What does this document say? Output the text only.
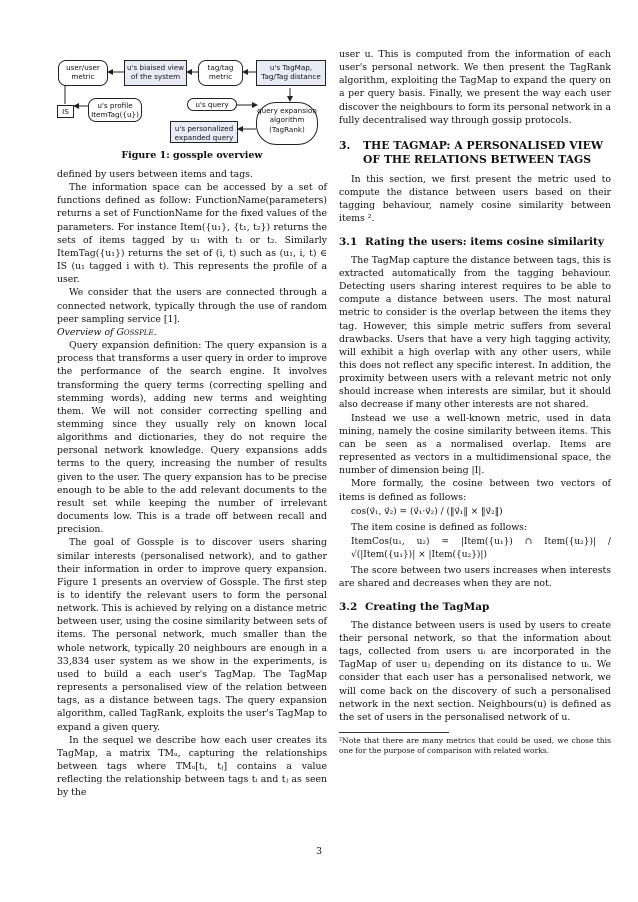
user/user metric
u's biaised view of the system
tag/tag metric
u's TagMap, Tag/Tag distance
IS
u's profile ItemTag({u})
u's query
query expansion algorithm (TagRank)
u's personalized expanded query
Figure 1: gossple overview

defined by users between items and tags.

The information space can be accessed by a set of functions defined as follow: FunctionName(parameters) returns a set of FunctionName for the fixed values of the parameters. For instance Item({u₁}, {t₁, t₂}) returns the sets of items tagged by u₁ with t₁ or t₂. Similarly ItemTag({u₁}) returns the set of (i, t) such as (u₁, i, t) ∈ IS (u₁ tagged i with t). This represents the profile of a user.

We consider that the users are connected through a connected network, typically through the use of random peer sampling service [1].

Overview of Gossple.

Query expansion definition: The query expansion is a process that transforms a user query in order to improve the performance of the search engine. It involves transforming the query terms (correcting spelling and stemming words), adding new terms and weighting them. We will not consider correcting spelling and stemming since they usually rely on known local algorithms and dictionaries, they do not require the personal network knowledge. Query expansions adds terms to the query, increasing the number of results given to the user. The query expansion has to be precise enough to be able to the add relevant documents to the result set while keeping the number of irrelevant documents low. This is a trade off between recall and precision.

The goal of Gossple is to discover users sharing similar interests (personalised network), and to gather their information in order to improve query expansion. Figure 1 presents an overview of Gossple. The first step is to identify the relevant users to form the personal network. This is achieved by relying on a distance metric between user, using the cosine similarity between sets of items. The personal network, much smaller than the whole network, typically 20 neighbours are enough in a 33,834 user system as we show in the experiments, is used to build a each user's TagMap. The TagMap represents a personalised view of the relation between tags, as a distance between tags. The query expansion algorithm, called TagRank, exploits the user's TagMap to expand a given query.

In the sequel we describe how each user creates its TagMap, a matrix TMᵤ, capturing the relationships between tags where TMᵤ[tᵢ, tⱼ] contains a value reflecting the relationship between tags tᵢ and tⱼ as seen by the

user u. This is computed from the information of each user's personal network. We then present the TagRank algorithm, exploiting the TagMap to expand the query on a per query basis. Finally, we present the way each user discover the neighbours to form its personal network in a fully decentralised way through gossip protocols.

3. THE TAGMAP: A PERSONALISED VIEW OF THE RELATIONS BETWEEN TAGS

In this section, we first present the metric used to compute the distance between users based on their tagging behaviour, namely cosine similarity between items ².

3.1 Rating the users: items cosine similarity

The TagMap capture the distance between tags, this is extracted automatically from the tagging behaviour. Detecting users sharing interest requires to be able to compute a distance between users. The most natural metric to consider is the overlap between the items they tag. However, this simple metric suffers from several drawbacks. Users that have a very high tagging activity, will exhibit a high overlap with any other users, while this does not reflect any specific interest. In addition, the proximity between users with a relevant metric not only should increase when interests are similar, but it should also decrease if many other interests are not shared.

Instead we use a well-known metric, used in data mining, namely the cosine similarity between items. This can be seen as a normalised overlap. Items are represented as vectors in a multidimensional space, the number of dimension being |I|.

More formally, the cosine between two vectors of items is defined as follows:

cos(v⃗₁, v⃗₂) = (v⃗₁·v⃗₂) / (‖v⃗₁‖ × ‖v⃗₂‖)

The item cosine is defined as follows:

ItemCos(u₁, u₂) = |Item({u₁}) ∩ Item({u₂})| / √(|Item({u₁})| × |Item({u₂})|)

The score between two users increases when interests are shared and decreases when they are not.

3.2 Creating the TagMap

The distance between users is used by users to create their personal network, so that the information about tags, collected from users uᵢ are incorporated in the TagMap of user uⱼ depending on its distance to uᵢ. We consider that each user has a personalised network, we will come back on the discovery of such a personalised network in the next section. Neighbours(u) is defined as the set of users in the personalised network of u.

²Note that there are many metrics that could be used, we chose this one for the purpose of comparison with related works.
3
